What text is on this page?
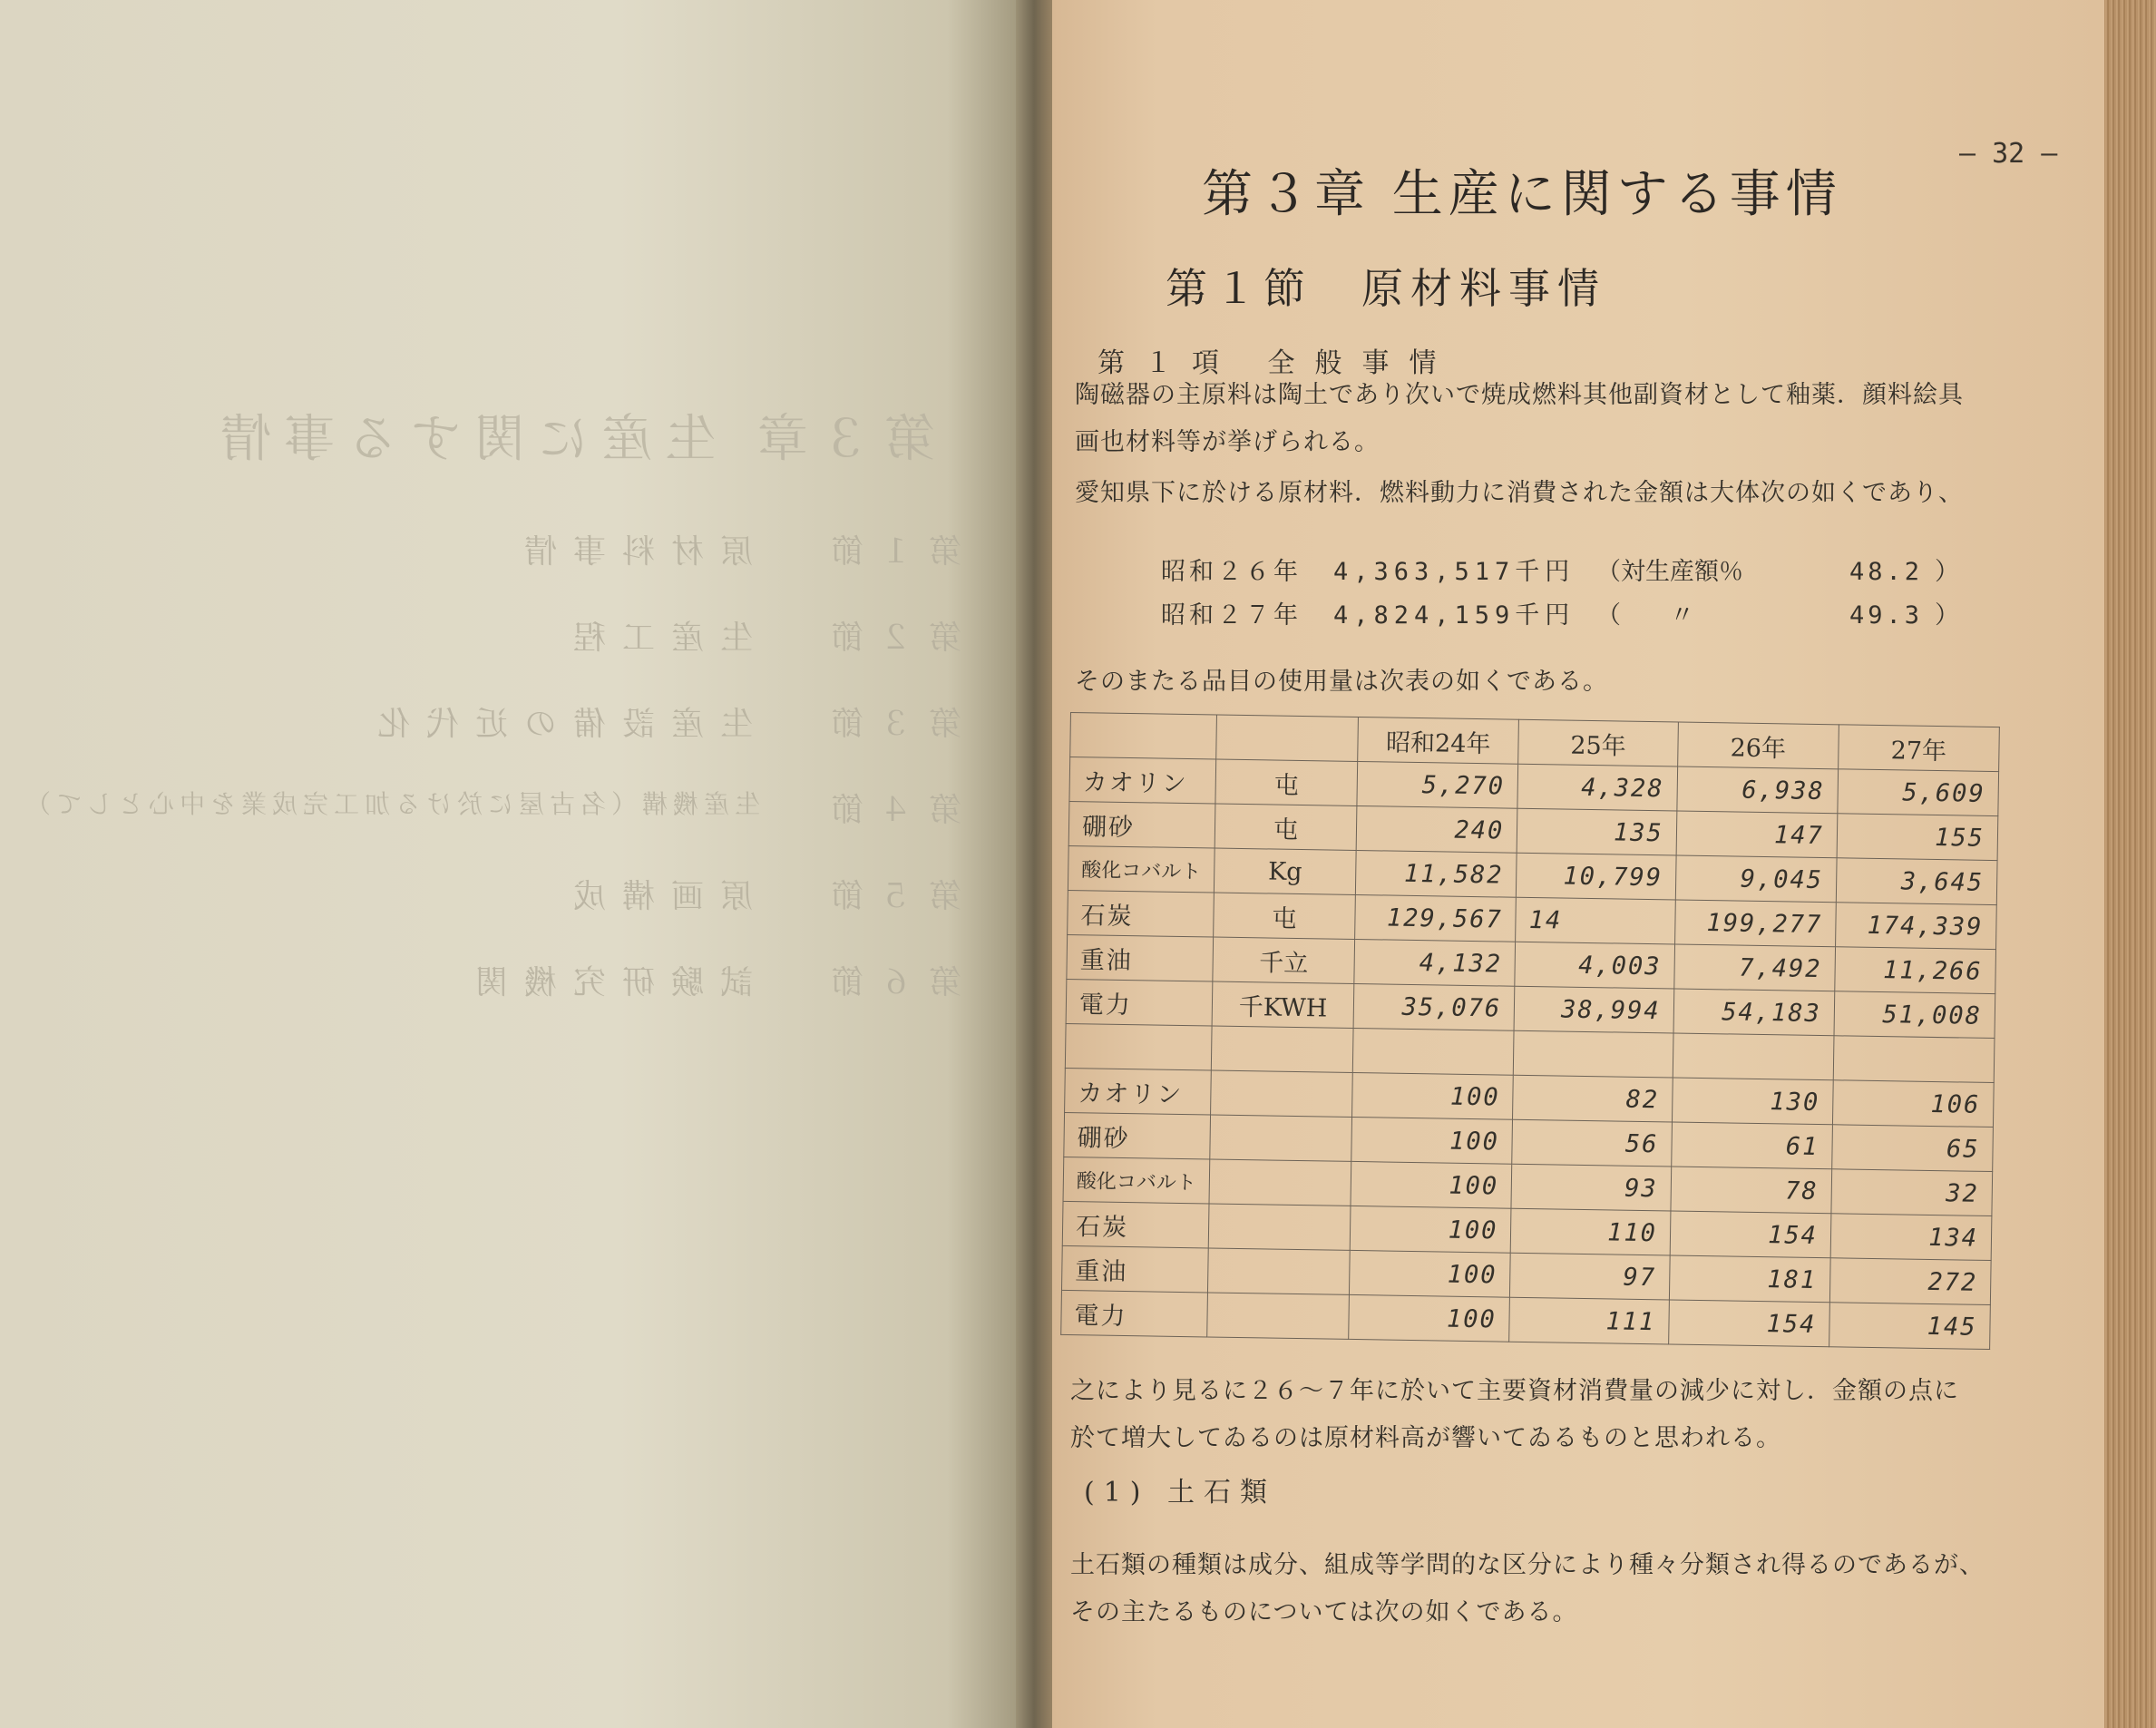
第３章 生産に関する事情
第１節
原材料事情
第２節
生産工程
第３節
生産設備の近代化
第４節
生産機構（名古屋に於ける加工完成業を中心として）
第５節
原画構成
第６節
試験研究機関
— 32 —
第３章 生産に関する事情
第１節　原材料事情
第１項 全般事情
陶磁器の主原料は陶土であり次いで焼成燃料其他副資材として釉薬．顔料絵具
画也材料等が挙げられる。
愛知県下に於ける原材料．燃料動力に消費された金額は大体次の如くであり、
昭和２６年 4,363,517千円 （対生産額％	48.2 ）
昭和２７年 4,824,159千円 （　　〃	49.3 ）
そのまたる品目の使用量は次表の如くである。
		昭和24年	25年	26年	27年
カオリン	屯	5,270	4,328	6,938	5,609
硼砂	屯	240	135	147	155
酸化コバルト	Kg	11,582	10,799	9,045	3,645
石炭	屯	129,567	14	199,277	174,339
重油	千立	4,132	4,003	7,492	11,266
電力	千KWH	35,076	38,994	54,183	51,008

カオリン		100	82	130	106
硼砂		100	56	61	65
酸化コバルト		100	93	78	32
石炭		100	110	154	134
重油		100	97	181	272
電力		100	111	154	145
之により見るに２６〜７年に於いて主要資材消費量の減少に対し．金額の点に
於て増大してゐるのは原材料高が響いてゐるものと思われる。
(1) 土石類
土石類の種類は成分、組成等学問的な区分により種々分類され得るのであるが、
その主たるものについては次の如くである。
